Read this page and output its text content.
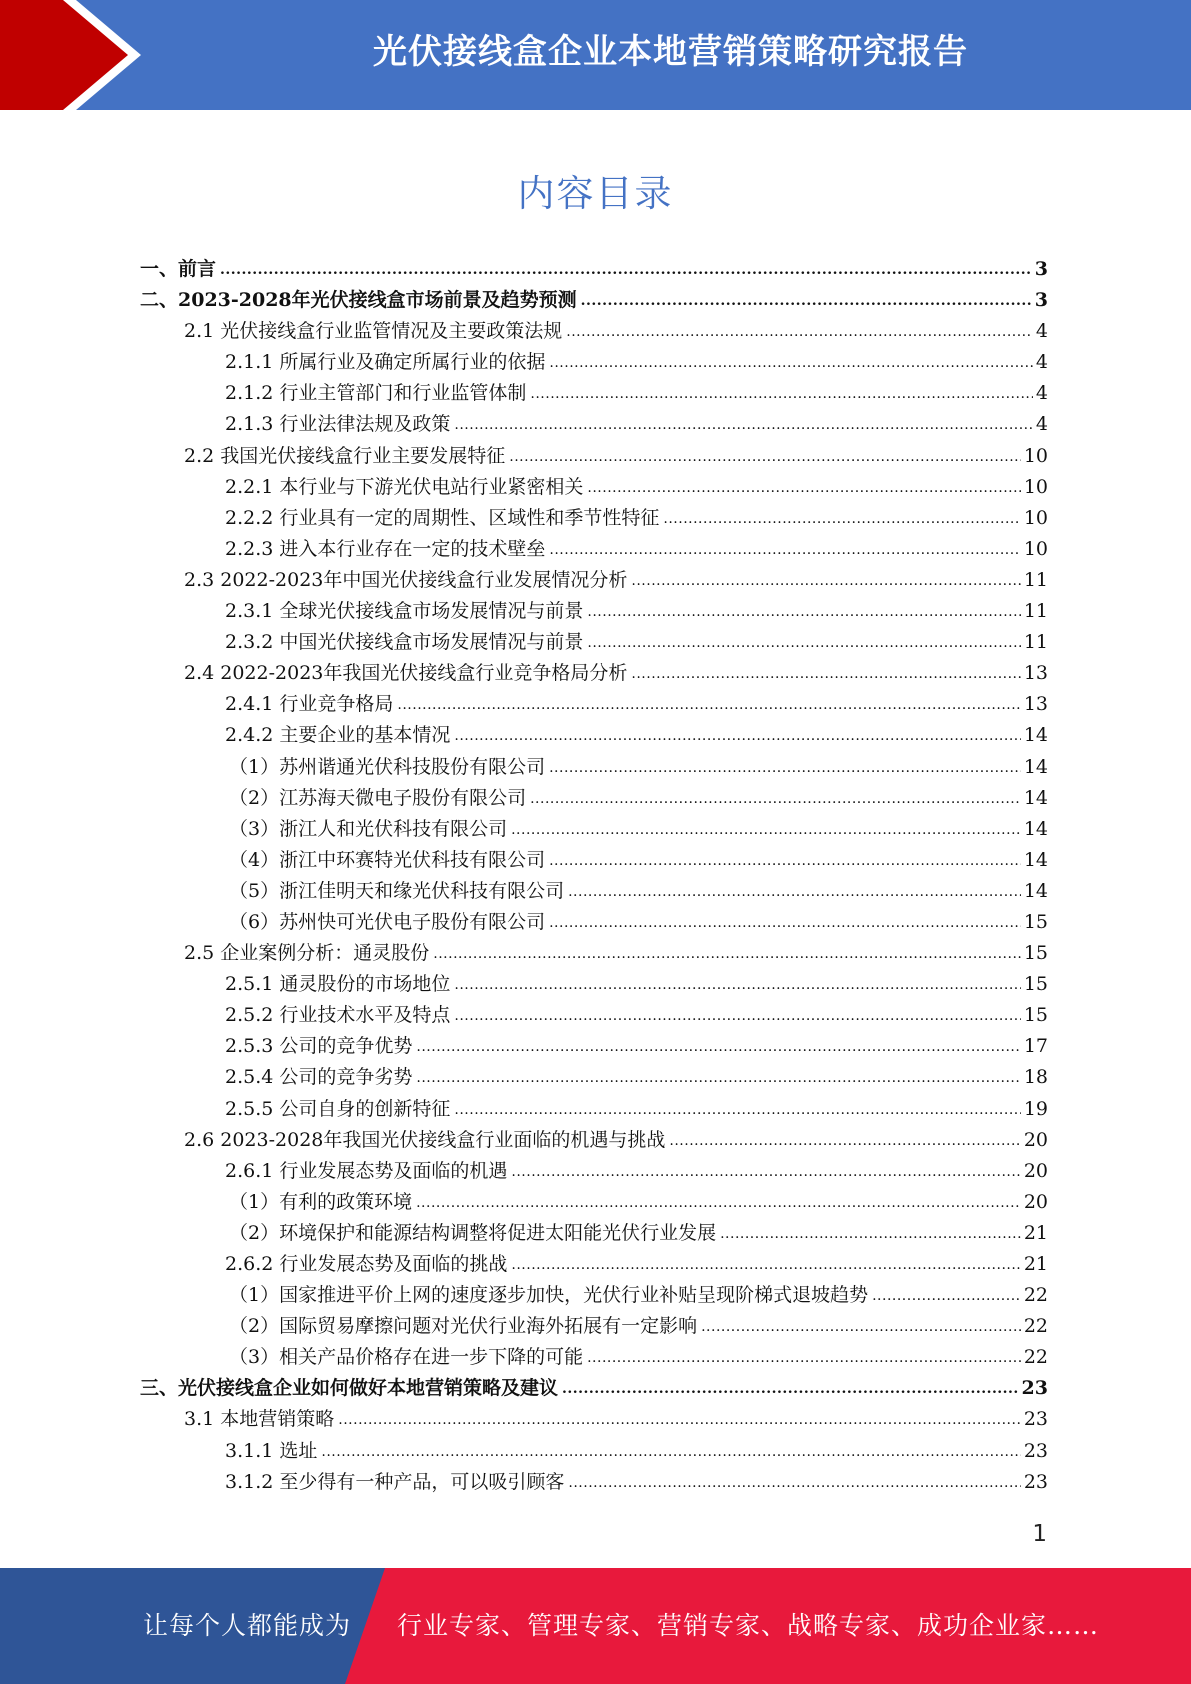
光伏接线盒企业本地营销策略研究报告
内容目录
一、前言 .....	3
二、2023-2028年光伏接线盒市场前景及趋势预测 .....	3
2.1 光伏接线盒行业监管情况及主要政策法规 .....	4
2.1.1 所属行业及确定所属行业的依据 .....	4
2.1.2 行业主管部门和行业监管体制 .....	4
2.1.3 行业法律法规及政策 .....	4
2.2 我国光伏接线盒行业主要发展特征 .....	10
2.2.1 本行业与下游光伏电站行业紧密相关 .....	10
2.2.2 行业具有一定的周期性、区域性和季节性特征 .....	10
2.2.3 进入本行业存在一定的技术壁垒 .....	10
2.3 2022-2023年中国光伏接线盒行业发展情况分析 .....	11
2.3.1 全球光伏接线盒市场发展情况与前景 .....	11
2.3.2 中国光伏接线盒市场发展情况与前景 .....	11
2.4 2022-2023年我国光伏接线盒行业竞争格局分析 .....	13
2.4.1 行业竞争格局 .....	13
2.4.2 主要企业的基本情况 .....	14
（1）苏州谐通光伏科技股份有限公司 .....	14
（2）江苏海天微电子股份有限公司 .....	14
（3）浙江人和光伏科技有限公司 .....	14
（4）浙江中环赛特光伏科技有限公司 .....	14
（5）浙江佳明天和缘光伏科技有限公司 .....	14
（6）苏州快可光伏电子股份有限公司 .....	15
2.5 企业案例分析：通灵股份 .....	15
2.5.1 通灵股份的市场地位 .....	15
2.5.2 行业技术水平及特点 .....	15
2.5.3 公司的竞争优势 .....	17
2.5.4 公司的竞争劣势 .....	18
2.5.5 公司自身的创新特征 .....	19
2.6 2023-2028年我国光伏接线盒行业面临的机遇与挑战 .....	20
2.6.1 行业发展态势及面临的机遇 .....	20
（1）有利的政策环境 .....	20
（2）环境保护和能源结构调整将促进太阳能光伏行业发展 .....	21
2.6.2 行业发展态势及面临的挑战 .....	21
（1）国家推进平价上网的速度逐步加快，光伏行业补贴呈现阶梯式退坡趋势 .....	22
（2）国际贸易摩擦问题对光伏行业海外拓展有一定影响 .....	22
（3）相关产品价格存在进一步下降的可能 .....	22
三、光伏接线盒企业如何做好本地营销策略及建议 .....	23
3.1 本地营销策略 .....	23
3.1.1 选址 .....	23
3.1.2 至少得有一种产品，可以吸引顾客 .....	23
1
让每个人都能成为 行业专家、管理专家、营销专家、战略专家、成功企业家……
